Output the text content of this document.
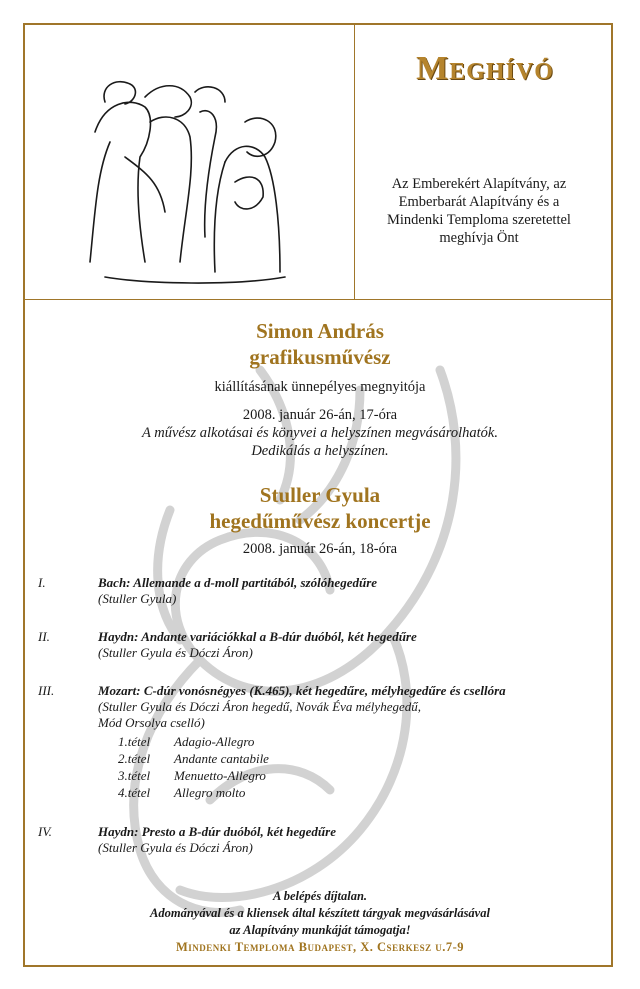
Meghívó
Az Emberekért Alapítvány, az Emberbarát Alapítvány és a Mindenki Temploma szeretettel meghívja Önt
Simon András
grafikusművész
kiállításának ünnepélyes megnyitója
2008. január 26-án, 17-óra
A művész alkotásai és könyvei a helyszínen megvásárolhatók.
Dedikálás a helyszínen.
Stuller Gyula
hegedűművész koncertje
2008. január 26-án, 18-óra
I.	Bach: Allemande a d-moll partitából, szólóhegedűre
(Stuller Gyula)
II.	Haydn: Andante variációkkal a B-dúr duóból, két hegedűre
(Stuller Gyula és Dóczi Áron)
III.	Mozart: C-dúr vonósnégyes (K.465), két hegedűre, mélyhegedűre és csellóra
(Stuller Gyula és Dóczi Áron hegedű, Novák Éva mélyhegedű,
Mód Orsolya cselló)
1.tétel Adagio-Allegro
2.tétel Andante cantabile
3.tétel Menuetto-Allegro
4.tétel Allegro molto
IV.	Haydn: Presto a B-dúr duóból, két hegedűre
(Stuller Gyula és Dóczi Áron)
A belépés díjtalan.
Adományával és a kliensek által készített tárgyak megvásárlásával
az Alapítvány munkáját támogatja!
Mindenki Temploma Budapest, X. Cserkesz u.7-9
